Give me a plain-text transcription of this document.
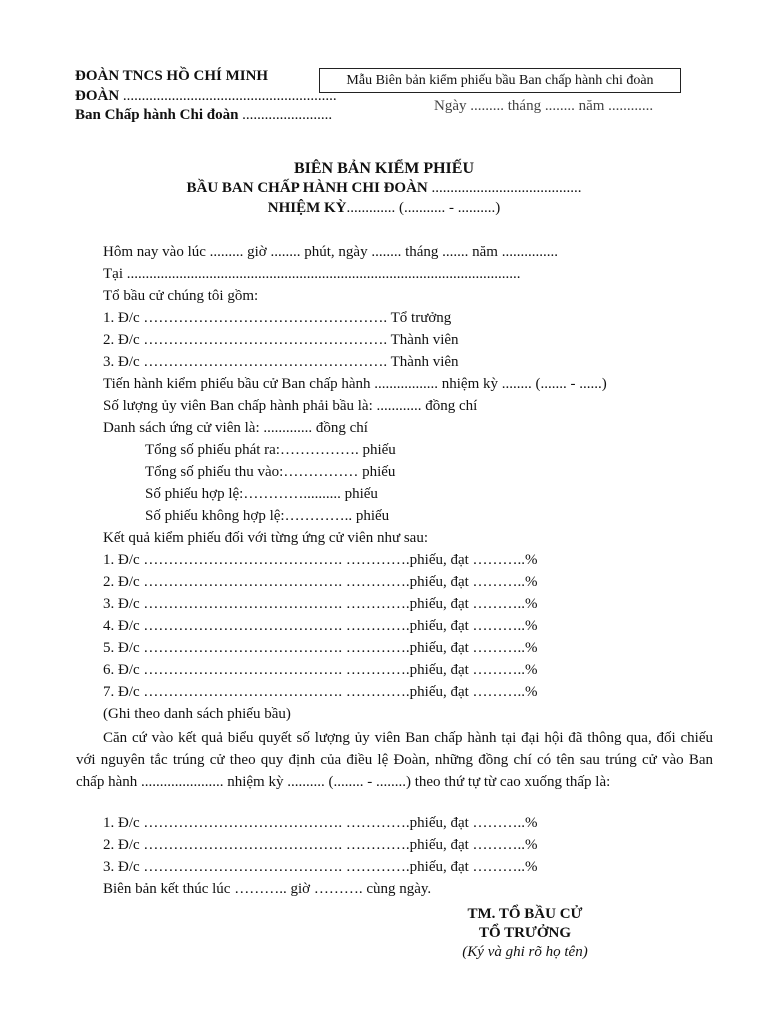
ĐOÀN TNCS HỒ CHÍ MINH
ĐOÀN .........................................................
Ban Chấp hành Chi đoàn ........................
Mẫu Biên bản kiểm phiếu bầu Ban chấp hành chi đoàn
Ngày ......... tháng ........ năm ............
BIÊN BẢN KIỂM PHIẾU
BẦU BAN CHẤP HÀNH CHI ĐOÀN ........................................
NHIỆM KỲ............. (........... - ..........)
Hôm nay vào lúc ......... giờ ........ phút, ngày ........ tháng ....... năm ...............
Tại .........................................................................................................
Tổ bầu cử chúng tôi gồm:
1. Đ/c …………………………………………. Tổ trưởng
2. Đ/c …………………………………………. Thành viên
3. Đ/c …………………………………………. Thành viên
Tiến hành kiểm phiếu bầu cử Ban chấp hành ................. nhiệm kỳ ........ (....... - ......)
Số lượng ủy viên Ban chấp hành phải bầu là: ............ đồng chí
Danh sách ứng cử viên là: ............. đồng chí
Tổng số phiếu phát ra:……………. phiếu
Tổng số phiếu thu vào:…………… phiếu
Số phiếu hợp lệ:………….......... phiếu
Số phiếu không hợp lệ:………….. phiếu
Kết quả kiểm phiếu đối với từng ứng cử viên như sau:
1. Đ/c …………………………………. ………….phiếu, đạt ………..%
2. Đ/c …………………………………. ………….phiếu, đạt ………..%
3. Đ/c …………………………………. ………….phiếu, đạt ………..%
4. Đ/c …………………………………. ………….phiếu, đạt ………..%
5. Đ/c …………………………………. ………….phiếu, đạt ………..%
6. Đ/c …………………………………. ………….phiếu, đạt ………..%
7. Đ/c …………………………………. ………….phiếu, đạt ………..%
(Ghi theo danh sách phiếu bầu)
Căn cứ vào kết quả biểu quyết số lượng ủy viên Ban chấp hành tại đại hội đã thông qua, đối chiếu với nguyên tắc trúng cử theo quy định của điều lệ Đoàn, những đồng chí có tên sau trúng cử vào Ban chấp hành ...................... nhiệm kỳ .......... (........ - ........) theo thứ tự từ cao xuống thấp là:
1. Đ/c …………………………………. ………….phiếu, đạt ………..%
2. Đ/c …………………………………. ………….phiếu, đạt ………..%
3. Đ/c …………………………………. ………….phiếu, đạt ………..%
Biên bản kết thúc lúc ……….. giờ ………. cùng ngày.
TM. TỔ BẦU CỬ
TỔ TRƯỞNG
(Ký và ghi rõ họ tên)
